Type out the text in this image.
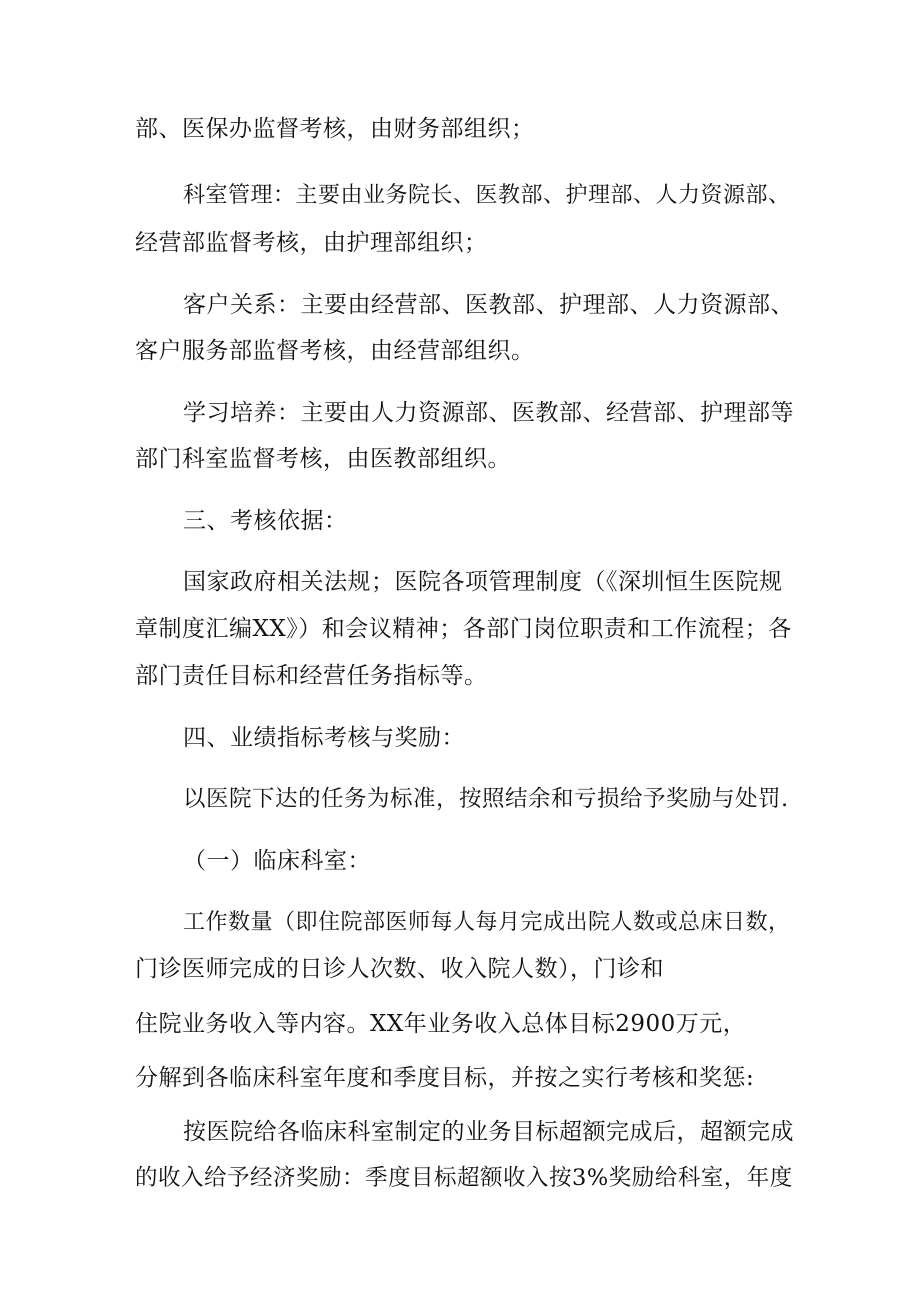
部、医保办监督考核，由财务部组织；
科室管理：主要由业务院长、医教部、护理部、人力资源部、
经营部监督考核，由护理部组织；
客户关系：主要由经营部、医教部、护理部、人力资源部、
客户服务部监督考核，由经营部组织。
学习培养：主要由人力资源部、医教部、经营部、护理部等
部门科室监督考核，由医教部组织。
三、考核依据：
国家政府相关法规；医院各项管理制度（《深圳恒生医院规
章制度汇编XX》）和会议精神；各部门岗位职责和工作流程；各
部门责任目标和经营任务指标等。
四、业绩指标考核与奖励：
以医院下达的任务为标准，按照结余和亏损给予奖励与处罚.
（一）临床科室：
工作数量（即住院部医师每人每月完成出院人数或总床日数，
门诊医师完成的日诊人次数、收入院人数），门诊和
住院业务收入等内容。XX年业务收入总体目标2900万元，
分解到各临床科室年度和季度目标，并按之实行考核和奖惩:
按医院给各临床科室制定的业务目标超额完成后，超额完成
的收入给予经济奖励：季度目标超额收入按3%奖励给科室，年度
